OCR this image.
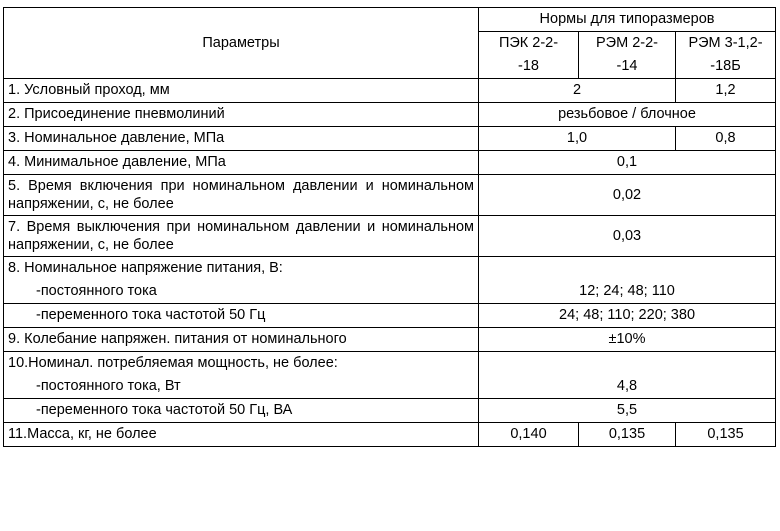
Параметры	Нормы для типоразмеров		
	ПЭК 2-2-	РЭМ 2-2-	РЭМ 3-1,2-
	-18	-14	-18Б
1. Условный проход, мм	2		1,2
2. Присоединение пневмолиний	резьбовое / блочное		
3. Номинальное давление, МПа	1,0		0,8
4. Минимальное давление, МПа	0,1		
5. Время включения при номинальном давлении и номинальном напряжении, с, не более	0,02		
7. Время выключения при номинальном давлении и номинальном напряжении, с, не более	0,03		
8. Номинальное напряжение питания, В:			
-постоянного тока	12; 24; 48; 110		
-переменного тока частотой 50 Гц	24; 48; 110; 220; 380		
9. Колебание напряжен. питания от номинального	±10%		
10.Номинал. потребляемая мощность, не более:			
-постоянного тока, Вт	4,8		
-переменного тока частотой 50 Гц, ВА	5,5		
11.Масса, кг, не более	0,140	0,135	0,135
